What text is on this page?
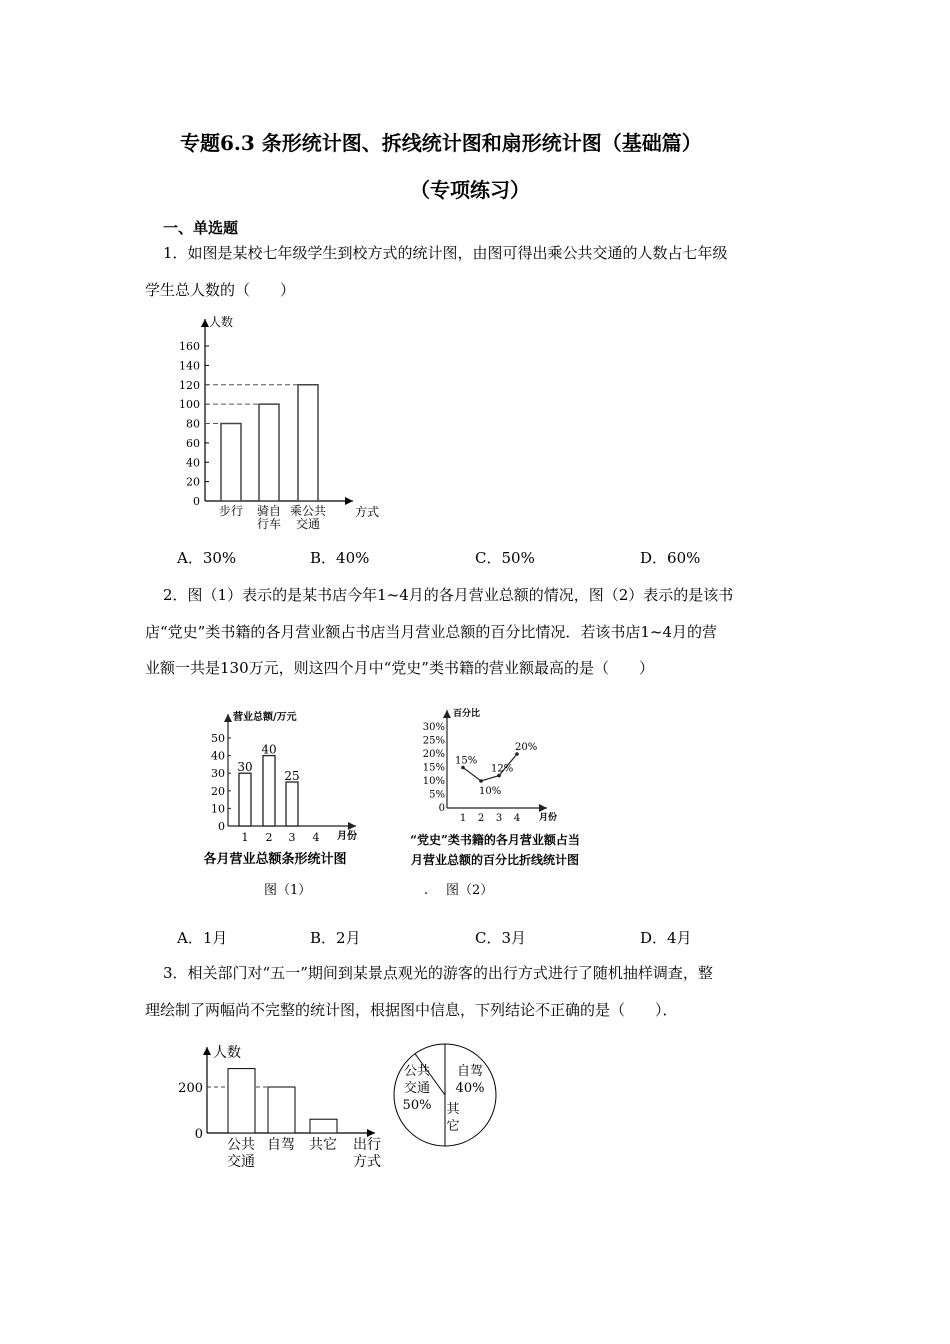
专题6.3 条形统计图、拆线统计图和扇形统计图（基础篇）
（专项练习）
一、单选题
1．如图是某校七年级学生到校方式的统计图，由图可得出乘公共交通的人数占七年级
学生总人数的（　　）
人数
方式
0
20
40
60
80
100
120
140
160
步行 骑自
行车
乘公共
交通
A．30%	B．40%	C．50%	D．60%
2．图（1）表示的是某书店今年1~4月的各月营业总额的情况，图（2）表示的是该书
店“党史”类书籍的各月营业额占书店当月营业总额的百分比情况．若该书店1~4月的营
业额一共是130万元，则这四个月中“党史”类书籍的营业额最高的是（　　）
营业总额/万元
月份
0
10
20
30
40
50
1
30
2
40
3
25
4
各月营业总额条形统计图
百分比
月份
0
5%
10%
15%
20%
25%
30%
1 2 3 4
15%
10%
12%
20%
“党史”类书籍的各月营业额占当
月营业总额的百分比折线统计图
图（1）	. 图（2）
A．1月	B．2月	C．3月	D．4月
3．相关部门对“五一”期间到某景点观光的游客的出行方式进行了随机抽样调查，整
理绘制了两幅尚不完整的统计图，根据图中信息，下列结论不正确的是（　　）．
人数
0
200
公共
交通
自驾 共它 出行
方式
公共
交通
50%
自驾
40%
其
它
